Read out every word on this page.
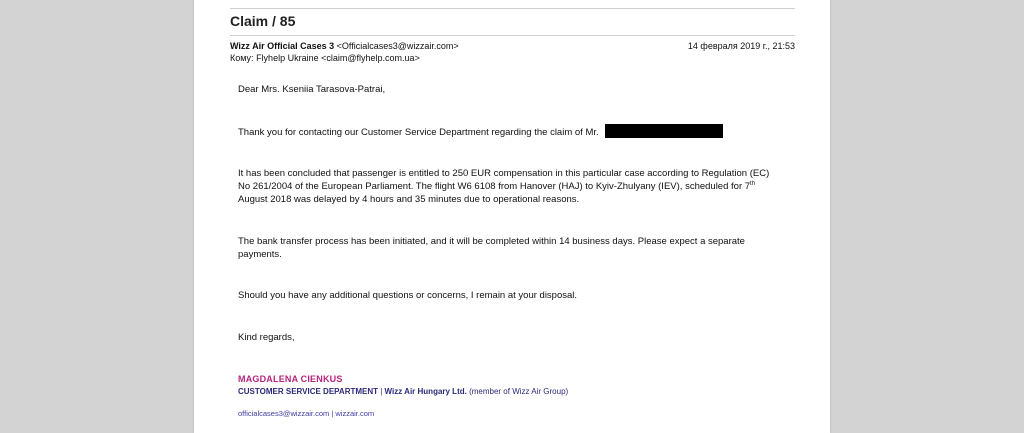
Claim / 85
Wizz Air Official Cases 3 <Officialcases3@wizzair.com>	14 февраля 2019 г., 21:53
Кому: Flyhelp Ukraine <claim@flyhelp.com.ua>
Dear Mrs. Kseniia Tarasova-Patrai,
Thank you for contacting our Customer Service Department regarding the claim of Mr.
It has been concluded that passenger is entitled to 250 EUR compensation in this particular case according to Regulation (EC) No 261/2004 of the European Parliament. The flight W6 6108 from Hanover (HAJ) to Kyiv-Zhulyany (IEV), scheduled for 7th August 2018 was delayed by 4 hours and 35 minutes due to operational reasons.
The bank transfer process has been initiated, and it will be completed within 14 business days. Please expect a separate payments.
Should you have any additional questions or concerns, I remain at your disposal.
Kind regards,
MAGDALENA CIENKUS
CUSTOMER SERVICE DEPARTMENT | Wizz Air Hungary Ltd. (member of Wizz Air Group)
officialcases3@wizzair.com | wizzair.com
